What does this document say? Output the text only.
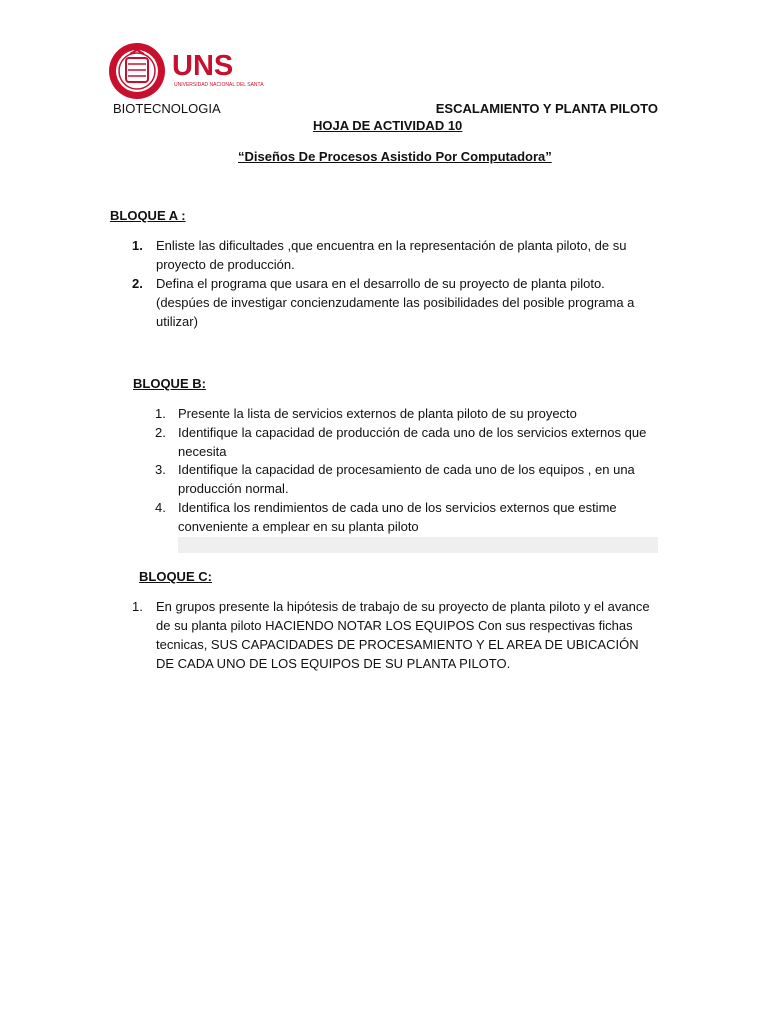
UNS
UNIVERSIDAD NACIONAL DEL SANTA
BIOTECNOLOGIA	ESCALAMIENTO Y PLANTA PILOTO
HOJA DE ACTIVIDAD 10
“Diseños De Procesos Asistido Por Computadora”
BLOQUE A :
1. Enliste las dificultades ,que encuentra en la representación de planta piloto, de su proyecto de producción.
2. Defina el programa que usara en el desarrollo de su proyecto de planta piloto. (despúes de investigar concienzudamente las posibilidades del posible programa a utilizar)
BLOQUE B:
1. Presente la lista de servicios externos de planta piloto de su proyecto
2. Identifique la capacidad de producción de cada uno de los servicios externos que necesita
3. Identifique la capacidad de procesamiento de cada uno de los equipos , en una producción normal.
4. Identifica los rendimientos de cada uno de los servicios externos que estime conveniente a emplear en su planta piloto
BLOQUE C:
1. En grupos presente la hipótesis de trabajo de su proyecto de planta piloto y el avance de su planta piloto HACIENDO NOTAR LOS EQUIPOS Con sus respectivas fichas tecnicas, SUS CAPACIDADES DE PROCESAMIENTO Y EL AREA DE UBICACIÓN DE CADA UNO DE LOS EQUIPOS DE SU PLANTA PILOTO.
